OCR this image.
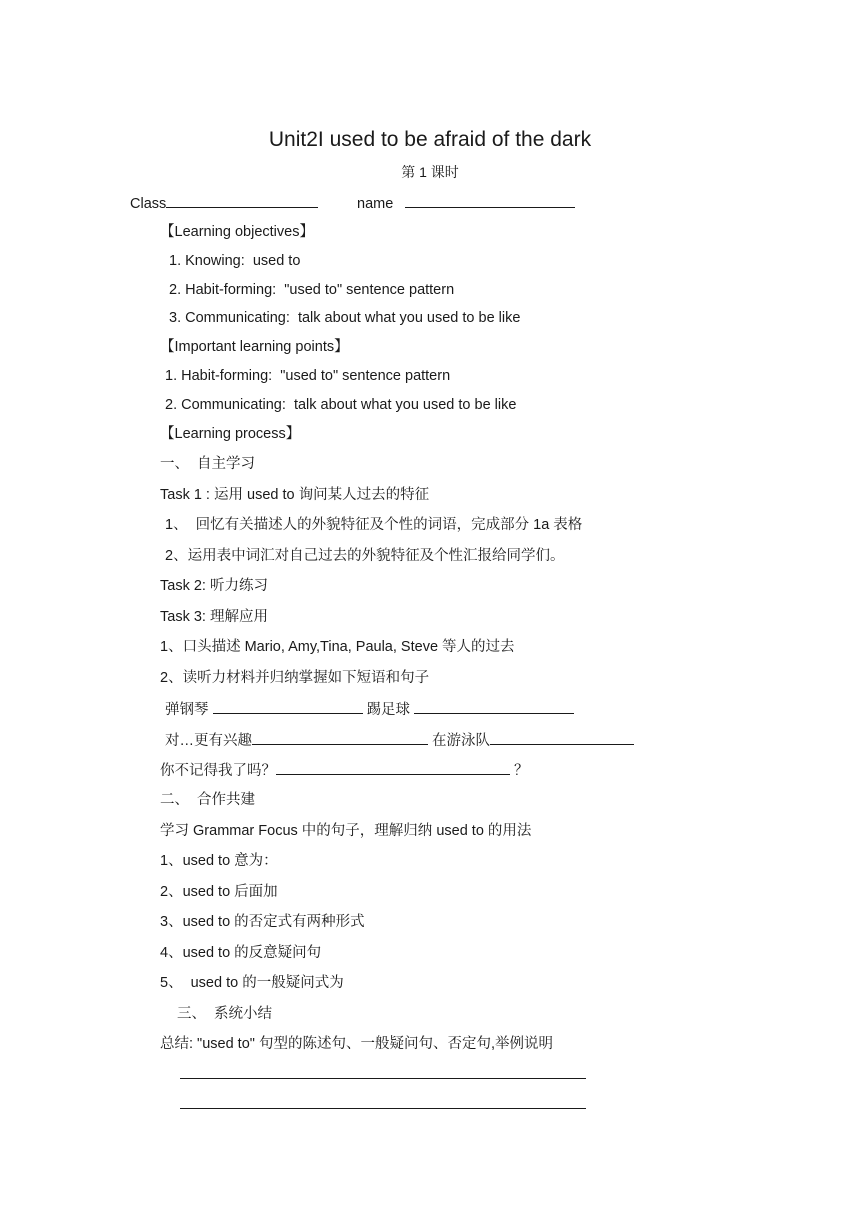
Unit2I used to be afraid of the dark
第 1 课时
Class	name
【Learning objectives】
1. Knowing:  used to
2. Habit-forming:  "used to" sentence pattern
3. Communicating:  talk about what you used to be like
【Important learning points】
1. Habit-forming:  "used to" sentence pattern
2. Communicating:  talk about what you used to be like
【Learning process】
一、  自主学习
Task 1 : 运用 used to 询问某人过去的特征
1、  回忆有关描述人的外貌特征及个性的词语，完成部分 1a 表格
2、运用表中词汇对自己过去的外貌特征及个性汇报给同学们。
Task 2: 听力练习
Task 3: 理解应用
1、口头描述 Mario, Amy,Tina, Paula, Steve 等人的过去
2、读听力材料并归纳掌握如下短语和句子
弹钢琴	踢足球
对…更有兴趣	在游泳队
你不记得我了吗？	？
二、  合作共建
学习 Grammar Focus 中的句子，理解归纳 used to 的用法
1、used to 意为：
2、used to 后面加
3、used to 的否定式有两种形式
4、used to 的反意疑问句
5、  used to 的一般疑问式为
三、  系统小结
总结: "used to" 句型的陈述句、一般疑问句、否定句,举例说明
